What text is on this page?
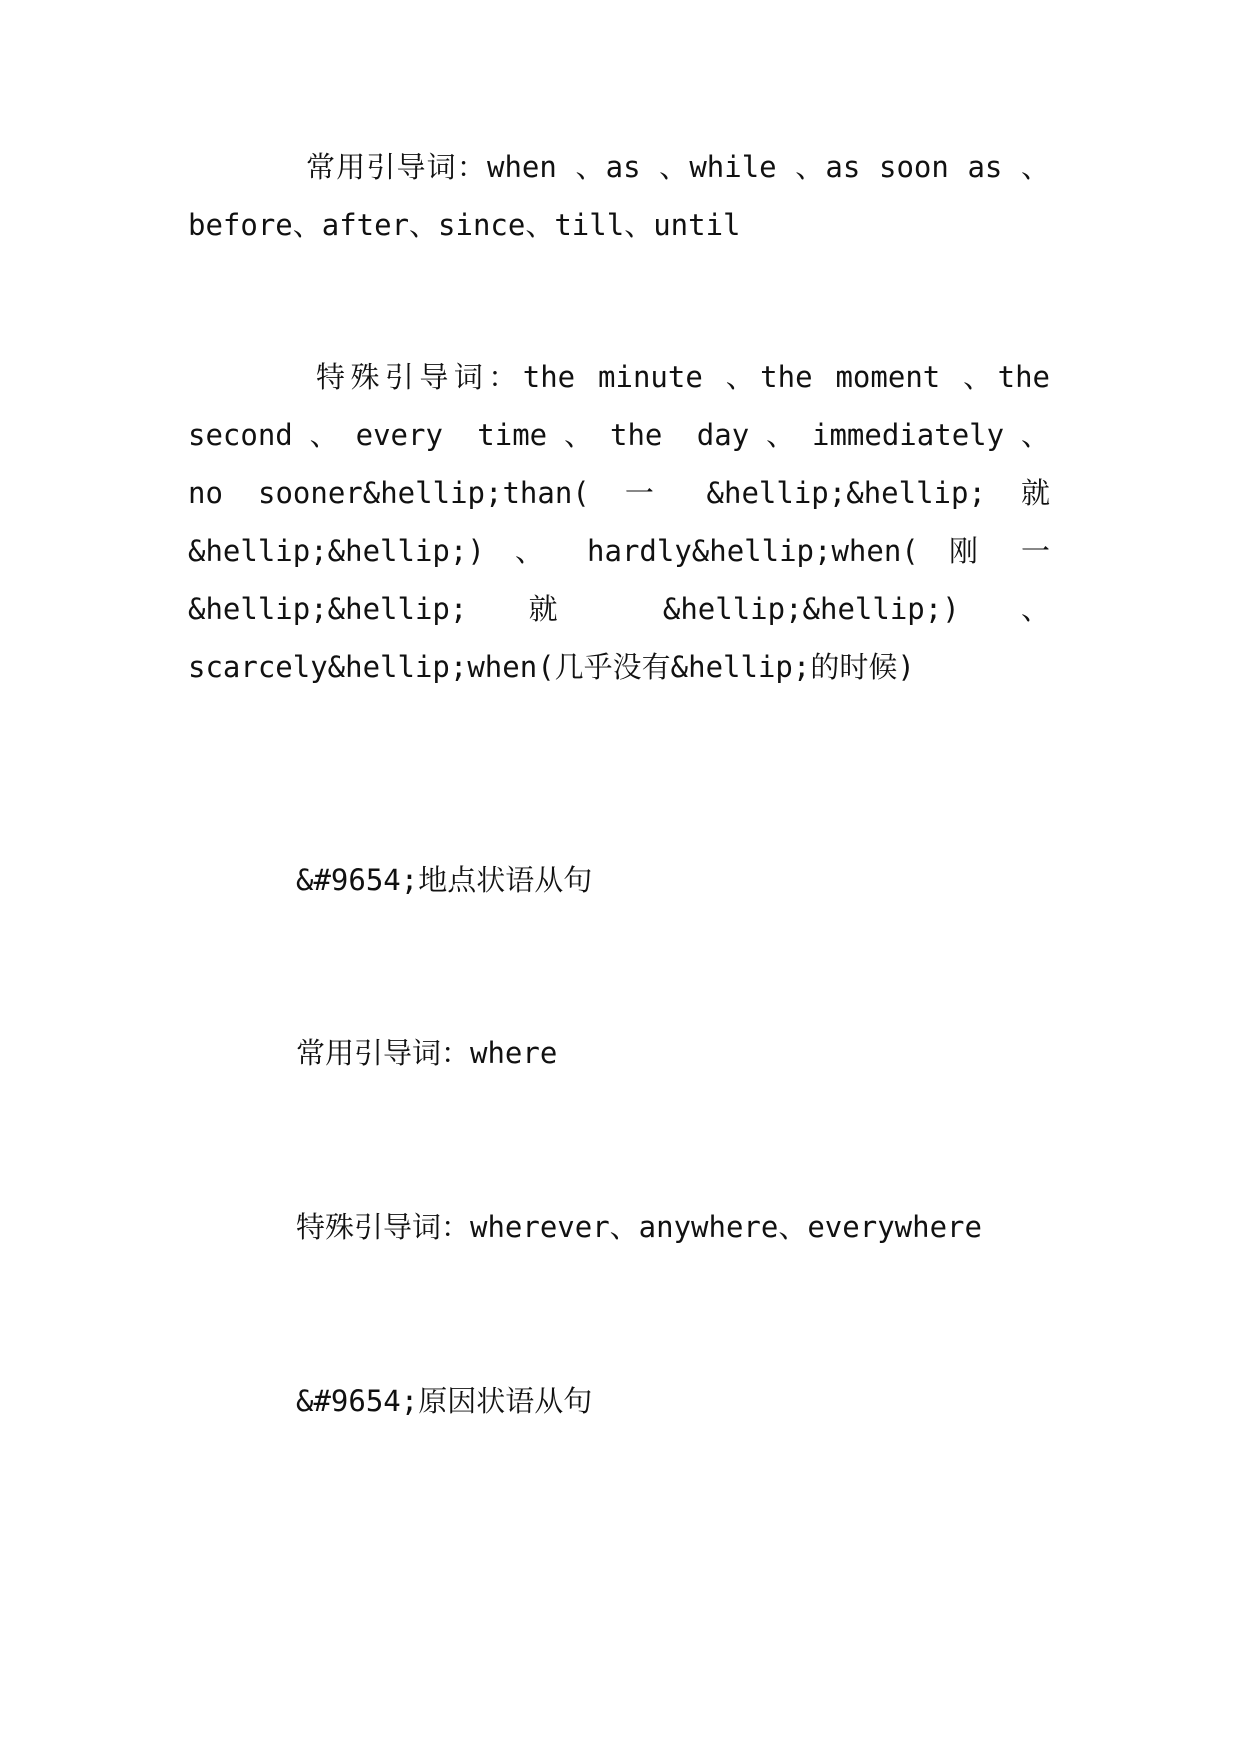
常用引导词：when 、as 、while 、as soon as 、
before、after、since、till、until
特殊引导词：the minute 、the moment 、the
second、every time、the day、immediately、
no sooner&hellip;than( 一 &hellip;&hellip; 就
&hellip;&hellip;) 、 hardly&hellip;when( 刚 一
&hellip;&hellip; 就 &hellip;&hellip;) 、
scarcely&hellip;when(几乎没有&hellip;的时候)
&#9654;地点状语从句
常用引导词：where
特殊引导词：wherever、anywhere、everywhere
&#9654;原因状语从句
